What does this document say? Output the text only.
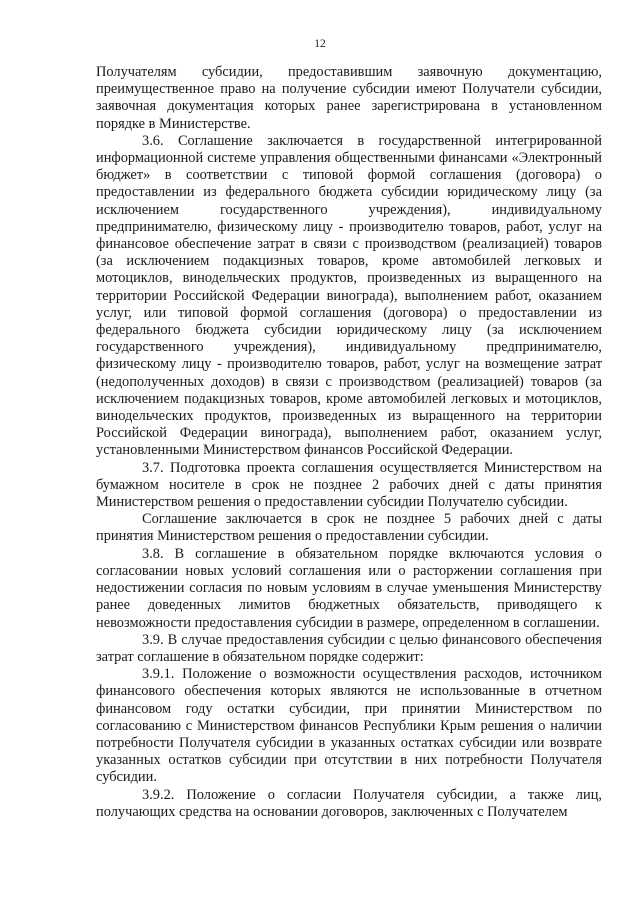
12

Получателям субсидии, предоставившим заявочную документацию, преимущественное право на получение субсидии имеют Получатели субсидии, заявочная документация которых ранее зарегистрирована в установленном порядке в Министерстве.

3.6. Соглашение заключается в государственной интегрированной информационной системе управления общественными финансами «Электронный бюджет» в соответствии с типовой формой соглашения (договора) о предоставлении из федерального бюджета субсидии юридическому лицу (за исключением государственного учреждения), индивидуальному предпринимателю, физическому лицу - производителю товаров, работ, услуг на финансовое обеспечение затрат в связи с производством (реализацией) товаров (за исключением подакцизных товаров, кроме автомобилей легковых и мотоциклов, винодельческих продуктов, произведенных из выращенного на территории Российской Федерации винограда), выполнением работ, оказанием услуг, или типовой формой соглашения (договора) о предоставлении из федерального бюджета субсидии юридическому лицу (за исключением государственного учреждения), индивидуальному предпринимателю, физическому лицу - производителю товаров, работ, услуг на возмещение затрат (недополученных доходов) в связи с производством (реализацией) товаров (за исключением подакцизных товаров, кроме автомобилей легковых и мотоциклов, винодельческих продуктов, произведенных из выращенного на территории Российской Федерации винограда), выполнением работ, оказанием услуг, установленными Министерством финансов Российской Федерации.

3.7. Подготовка проекта соглашения осуществляется Министерством на бумажном носителе в срок не позднее 2 рабочих дней с даты принятия Министерством решения о предоставлении субсидии Получателю субсидии.

Соглашение заключается в срок не позднее 5 рабочих дней с даты принятия Министерством решения о предоставлении субсидии.

3.8. В соглашение в обязательном порядке включаются условия о согласовании новых условий соглашения или о расторжении соглашения при недостижении согласия по новым условиям в случае уменьшения Министерству ранее доведенных лимитов бюджетных обязательств, приводящего к невозможности предоставления субсидии в размере, определенном в соглашении.

3.9. В случае предоставления субсидии с целью финансового обеспечения затрат соглашение в обязательном порядке содержит:

3.9.1. Положение о возможности осуществления расходов, источником финансового обеспечения которых являются не использованные в отчетном финансовом году остатки субсидии, при принятии Министерством по согласованию с Министерством финансов Республики Крым решения о наличии потребности Получателя субсидии в указанных остатках субсидии или возврате указанных остатков субсидии при отсутствии в них потребности Получателя субсидии.

3.9.2. Положение о согласии Получателя субсидии, а также лиц, получающих средства на основании договоров, заключенных с Получателем
